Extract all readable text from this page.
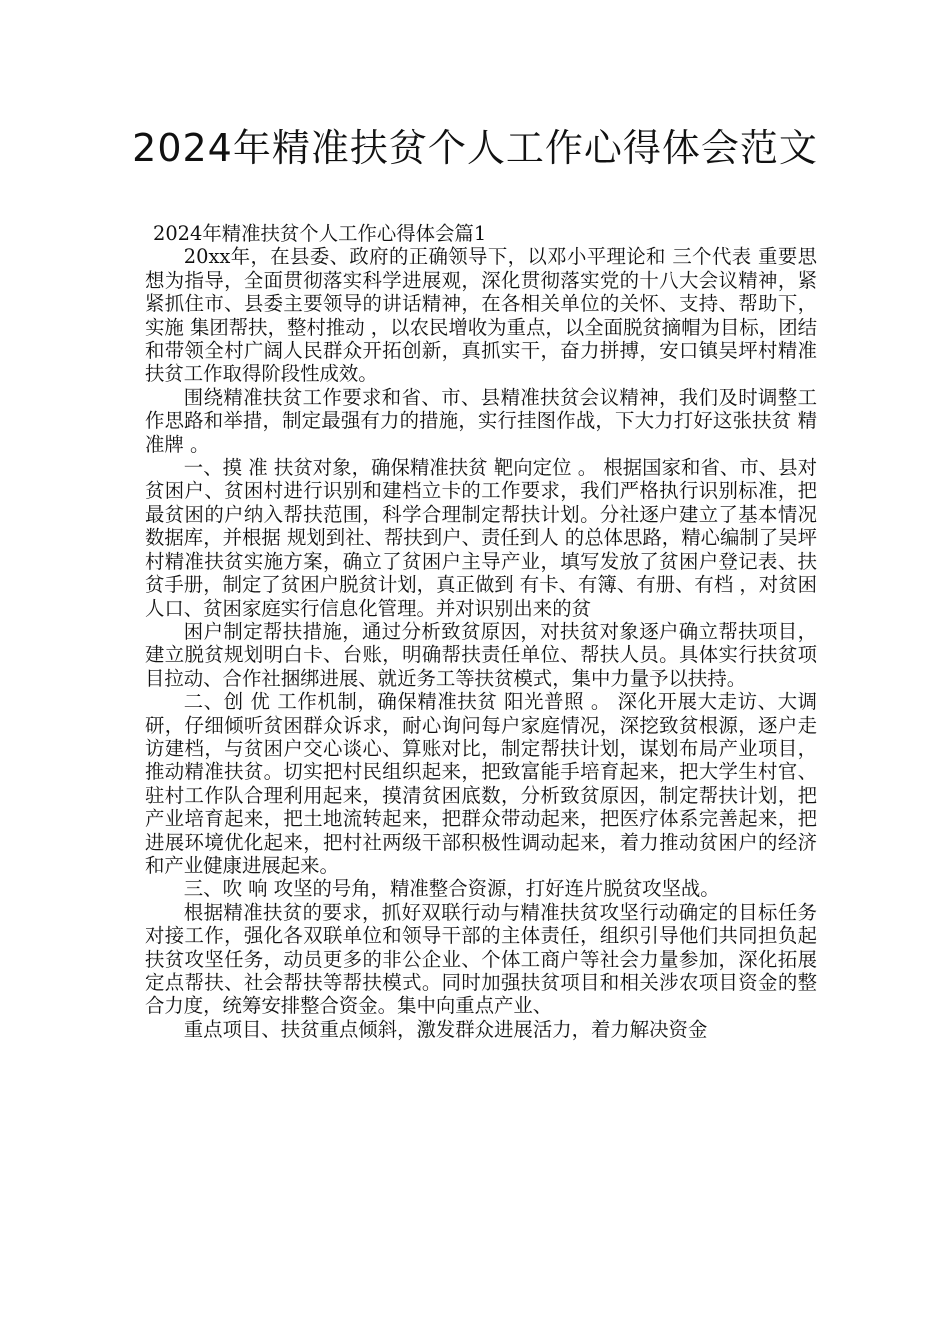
2024年精准扶贫个人工作心得体会范文

2024年精准扶贫个人工作心得体会篇1

20xx年，在县委、政府的正确领导下，以邓小平理论和 三个代表 重要思想为指导，全面贯彻落实科学进展观，深化贯彻落实党的十八大会议精神，紧紧抓住市、县委主要领导的讲话精神，在各相关单位的关怀、支持、帮助下，实施 集团帮扶，整村推动 ，以农民增收为重点，以全面脱贫摘帽为目标，团结和带领全村广阔人民群众开拓创新，真抓实干，奋力拼搏，安口镇吴坪村精准扶贫工作取得阶段性成效。

围绕精准扶贫工作要求和省、市、县精准扶贫会议精神，我们及时调整工作思路和举措，制定最强有力的措施，实行挂图作战，下大力打好这张扶贫 精准牌 。

一、摸 准 扶贫对象，确保精准扶贫 靶向定位 。 根据国家和省、市、县对贫困户、贫困村进行识别和建档立卡的工作要求，我们严格执行识别标准，把最贫困的户纳入帮扶范围，科学合理制定帮扶计划。分社逐户建立了基本情况数据库，并根据 规划到社、帮扶到户、责任到人 的总体思路，精心编制了吴坪村精准扶贫实施方案，确立了贫困户主导产业，填写发放了贫困户登记表、扶贫手册，制定了贫困户脱贫计划，真正做到 有卡、有簿、有册、有档 ，对贫困人口、贫困家庭实行信息化管理。并对识别出来的贫

困户制定帮扶措施，通过分析致贫原因，对扶贫对象逐户确立帮扶项目，建立脱贫规划明白卡、台账，明确帮扶责任单位、帮扶人员。具体实行扶贫项目拉动、合作社捆绑进展、就近务工等扶贫模式，集中力量予以扶持。

二、创 优 工作机制，确保精准扶贫 阳光普照 。 深化开展大走访、大调研，仔细倾听贫困群众诉求，耐心询问每户家庭情况，深挖致贫根源，逐户走访建档，与贫困户交心谈心、算账对比，制定帮扶计划，谋划布局产业项目，推动精准扶贫。切实把村民组织起来，把致富能手培育起来，把大学生村官、驻村工作队合理利用起来，摸清贫困底数，分析致贫原因，制定帮扶计划，把产业培育起来，把土地流转起来，把群众带动起来，把医疗体系完善起来，把进展环境优化起来，把村社两级干部积极性调动起来，着力推动贫困户的经济和产业健康进展起来。

三、吹 响 攻坚的号角，精准整合资源，打好连片脱贫攻坚战。

根据精准扶贫的要求，抓好双联行动与精准扶贫攻坚行动确定的目标任务对接工作，强化各双联单位和领导干部的主体责任，组织引导他们共同担负起扶贫攻坚任务，动员更多的非公企业、个体工商户等社会力量参加，深化拓展定点帮扶、社会帮扶等帮扶模式。同时加强扶贫项目和相关涉农项目资金的整合力度，统筹安排整合资金。集中向重点产业、

重点项目、扶贫重点倾斜，激发群众进展活力，着力解决资金
